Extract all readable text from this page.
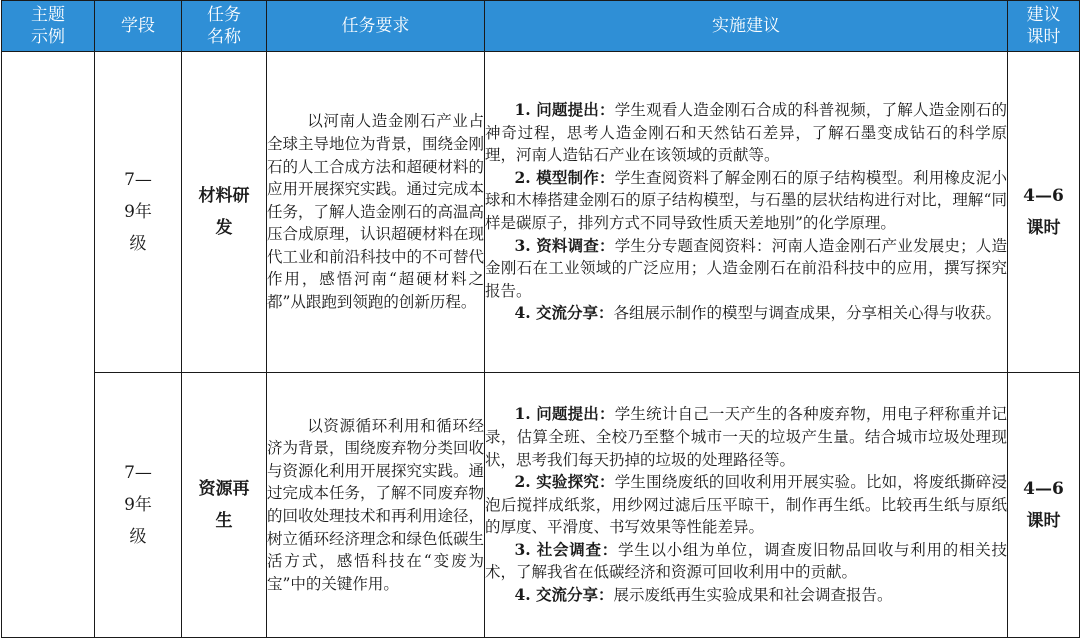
主题示例	学段	任务名称	任务要求	实施建议	建议课时
	7—9年级	材料研发	以河南人造金刚石产业占全球主导地位为背景，围绕金刚石的人工合成方法和超硬材料的应用开展探究实践。通过完成本任务，了解人造金刚石的高温高压合成原理，认识超硬材料在现代工业和前沿科技中的不可替代作用，感悟河南“超硬材料之都”从跟跑到领跑的创新历程。	1. 问题提出：学生观看人造金刚石合成的科普视频，了解人造金刚石的神奇过程，思考人造金刚石和天然钻石差异，了解石墨变成钻石的科学原理，河南人造钻石产业在该领域的贡献等。

2. 模型制作：学生查阅资料了解金刚石的原子结构模型。利用橡皮泥小球和木棒搭建金刚石的原子结构模型，与石墨的层状结构进行对比，理解“同样是碳原子，排列方式不同导致性质天差地别”的化学原理。

3. 资料调查：学生分专题查阅资料：河南人造金刚石产业发展史；人造金刚石在工业领域的广泛应用；人造金刚石在前沿科技中的应用，撰写探究报告。

4. 交流分享：各组展示制作的模型与调查成果，分享相关心得与收获。	4—6课时
	7—9年级	资源再生	以资源循环利用和循环经济为背景，围绕废弃物分类回收与资源化利用开展探究实践。通过完成本任务，了解不同废弃物的回收处理技术和再利用途径，树立循环经济理念和绿色低碳生活方式，感悟科技在“变废为宝”中的关键作用。	1. 问题提出：学生统计自己一天产生的各种废弃物，用电子秤称重并记录，估算全班、全校乃至整个城市一天的垃圾产生量。结合城市垃圾处理现状，思考我们每天扔掉的垃圾的处理路径等。

2. 实验探究：学生围绕废纸的回收利用开展实验。比如，将废纸撕碎浸泡后搅拌成纸浆，用纱网过滤后压平晾干，制作再生纸。比较再生纸与原纸的厚度、平滑度、书写效果等性能差异。

3. 社会调查：学生以小组为单位，调查废旧物品回收与利用的相关技术，了解我省在低碳经济和资源可回收利用中的贡献。

4. 交流分享：展示废纸再生实验成果和社会调查报告。	4—6课时
